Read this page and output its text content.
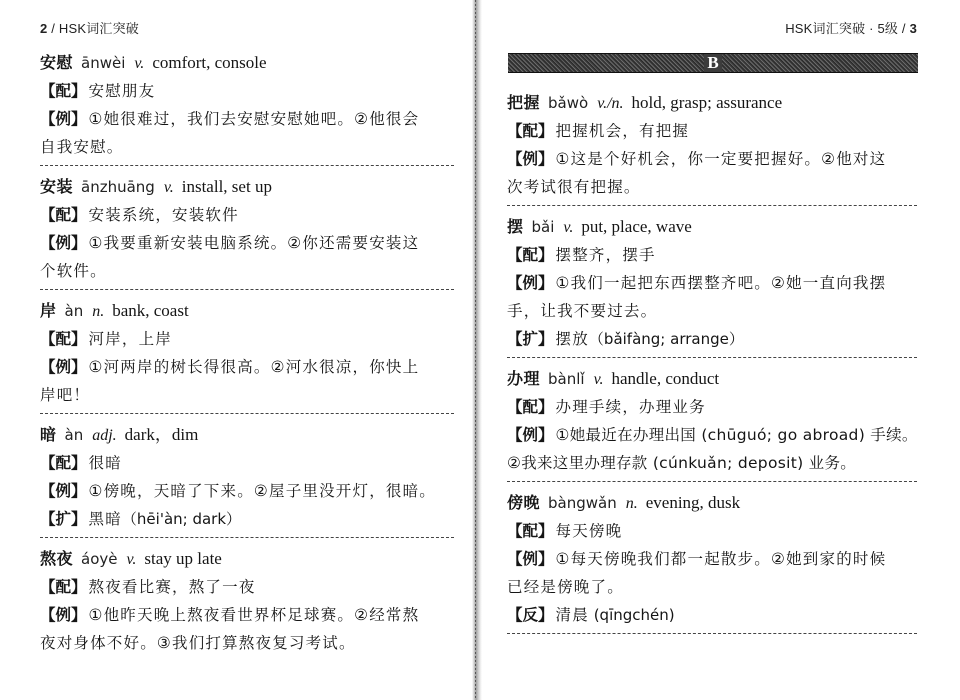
2 / HSK词汇突破
安慰 ānwèi v. comfort, console
【配】 安慰朋友
【例】 ①她很难过，我们去安慰安慰她吧。②他很会
自我安慰。
安装 ānzhuāng v. install, set up
【配】 安装系统，安装软件
【例】 ①我要重新安装电脑系统。②你还需要安装这
个软件。
岸 àn n. bank, coast
【配】 河岸，上岸
【例】 ①河两岸的树长得很高。②河水很凉，你快上
岸吧！
暗 àn adj. dark，dim
【配】 很暗
【例】 ①傍晚，天暗了下来。②屋子里没开灯，很暗。
【扩】 黑暗（hēi'àn; dark）
熬夜 áoyè v. stay up late
【配】 熬夜看比赛，熬了一夜
【例】 ①他昨天晚上熬夜看世界杯足球赛。②经常熬
夜对身体不好。③我们打算熬夜复习考试。
HSK词汇突破 · 5级 / 3
B
把握 bǎwò v./n. hold, grasp; assurance
【配】 把握机会，有把握
【例】 ①这是个好机会，你一定要把握好。②他对这
次考试很有把握。
摆 bǎi v. put, place, wave
【配】 摆整齐，摆手
【例】 ①我们一起把东西摆整齐吧。②她一直向我摆
手，让我不要过去。
【扩】 摆放（bǎifàng; arrange）
办理 bànlǐ v. handle, conduct
【配】 办理手续，办理业务
【例】 ①她最近在办理出国 (chūguó; go abroad) 手续。
②我来这里办理存款 (cúnkuǎn; deposit) 业务。
傍晚 bàngwǎn n. evening, dusk
【配】 每天傍晚
【例】 ①每天傍晚我们都一起散步。②她到家的时候
已经是傍晚了。
【反】 清晨 (qīngchén)
